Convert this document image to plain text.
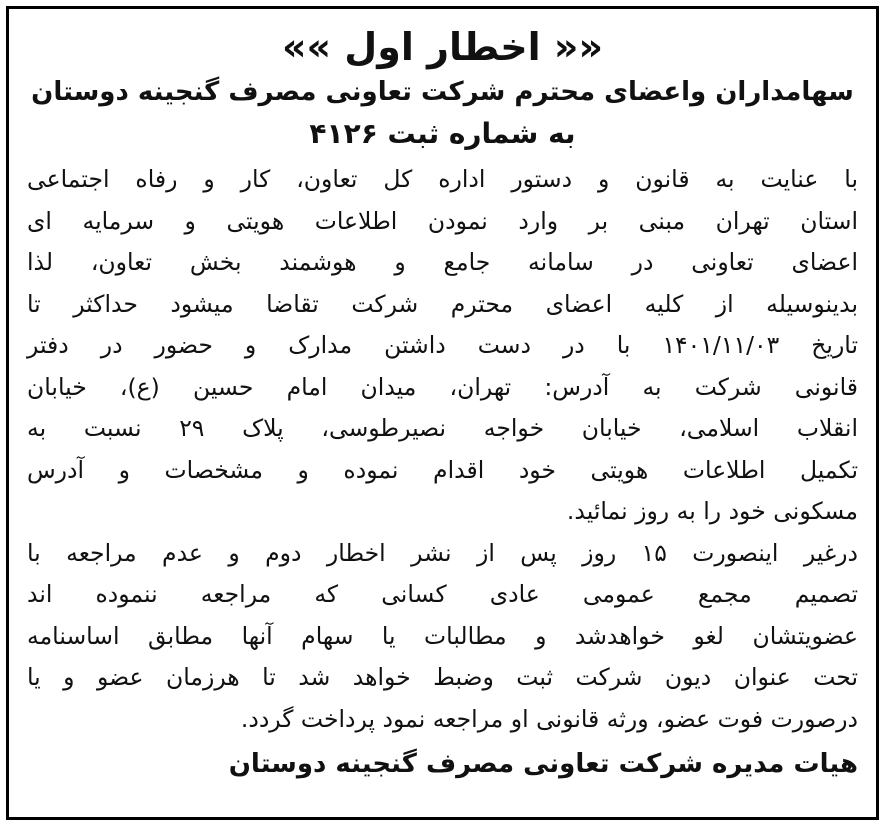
«« اخطار اول »»
سهامداران واعضای محترم شرکت تعاونی مصرف گنجینه دوستان
به شماره ثبت ۴۱۲۶
با عنایت به قانون و دستور اداره کل تعاون، کار و رفاه اجتماعی
استان تهران مبنی بر وارد نمودن اطلاعات هویتی و سرمایه ای
اعضای تعاونی در سامانه جامع و هوشمند بخش تعاون، لذا
بدینوسیله از کلیه اعضای محترم شرکت تقاضا میشود حداکثر تا
تاریخ ۱۴۰۱/۱۱/۰۳ با در دست داشتن مدارک و حضور در دفتر
قانونی شرکت به آدرس: تهران، میدان امام حسین (ع)، خیابان
انقلاب اسلامی، خیابان خواجه نصیرطوسی، پلاک ۲۹ نسبت به
تکمیل اطلاعات هویتی خود اقدام نموده و مشخصات و آدرس
مسکونی خود را به روز نمائید.
درغیر اینصورت ۱۵ روز پس از نشر اخطار دوم و عدم مراجعه با
تصمیم مجمع عمومی عادی کسانی که مراجعه ننموده اند
عضویتشان لغو خواهدشد و مطالبات یا سهام آنها مطابق اساسنامه
تحت عنوان دیون شرکت ثبت وضبط خواهد شد تا هرزمان عضو و یا
درصورت فوت عضو، ورثه قانونی او مراجعه نمود پرداخت گردد.
هیات مدیره شرکت تعاونی مصرف گنجینه دوستان
